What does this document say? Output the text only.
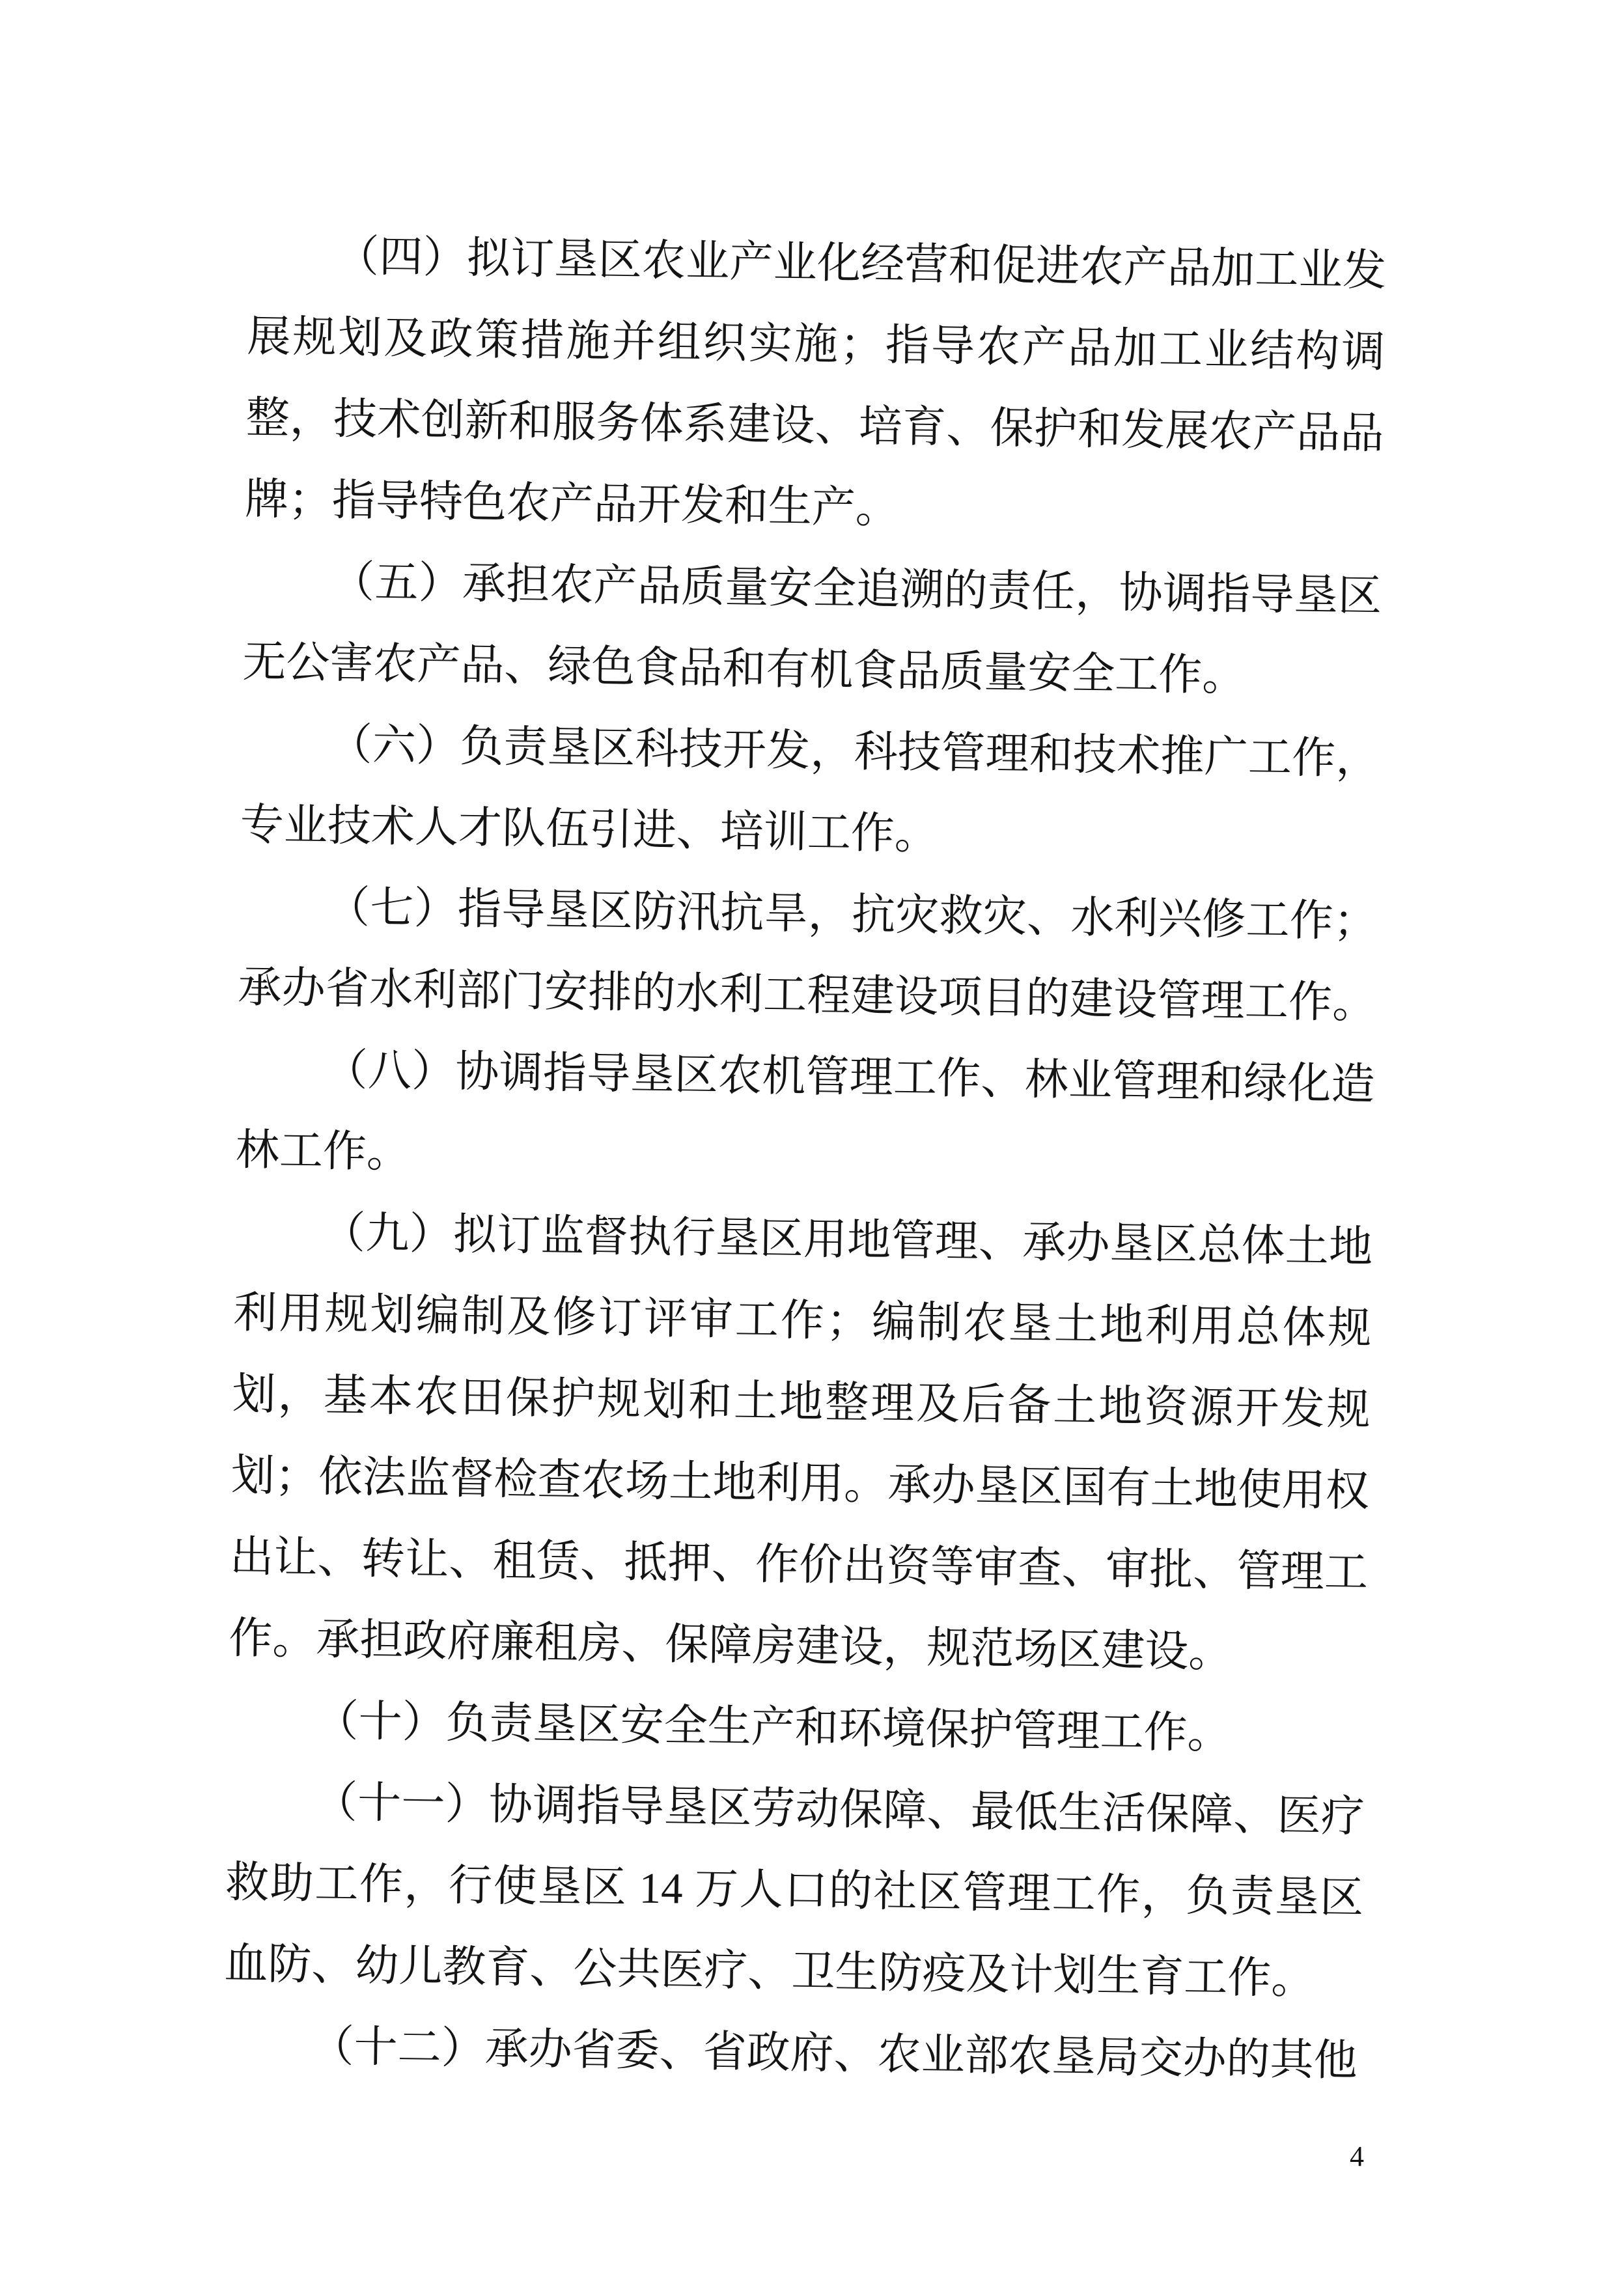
（四）拟订垦区农业产业化经营和促进农产品加工业发
展规划及政策措施并组织实施；指导农产品加工业结构调
整，技术创新和服务体系建设、培育、保护和发展农产品品
牌；指导特色农产品开发和生产。
（五）承担农产品质量安全追溯的责任，协调指导垦区
无公害农产品、绿色食品和有机食品质量安全工作。
（六）负责垦区科技开发，科技管理和技术推广工作，
专业技术人才队伍引进、培训工作。
（七）指导垦区防汛抗旱，抗灾救灾、水利兴修工作；
承办省水利部门安排的水利工程建设项目的建设管理工作。
（八）协调指导垦区农机管理工作、林业管理和绿化造
林工作。
（九）拟订监督执行垦区用地管理、承办垦区总体土地
利用规划编制及修订评审工作；编制农垦土地利用总体规
划，基本农田保护规划和土地整理及后备土地资源开发规
划；依法监督检查农场土地利用。承办垦区国有土地使用权
出让、转让、租赁、抵押、作价出资等审查、审批、管理工
作。承担政府廉租房、保障房建设，规范场区建设。
（十）负责垦区安全生产和环境保护管理工作。
（十一）协调指导垦区劳动保障、最低生活保障、医疗
救助工作，行使垦区 14 万人口的社区管理工作，负责垦区
血防、幼儿教育、公共医疗、卫生防疫及计划生育工作。
（十二）承办省委、省政府、农业部农垦局交办的其他
4
